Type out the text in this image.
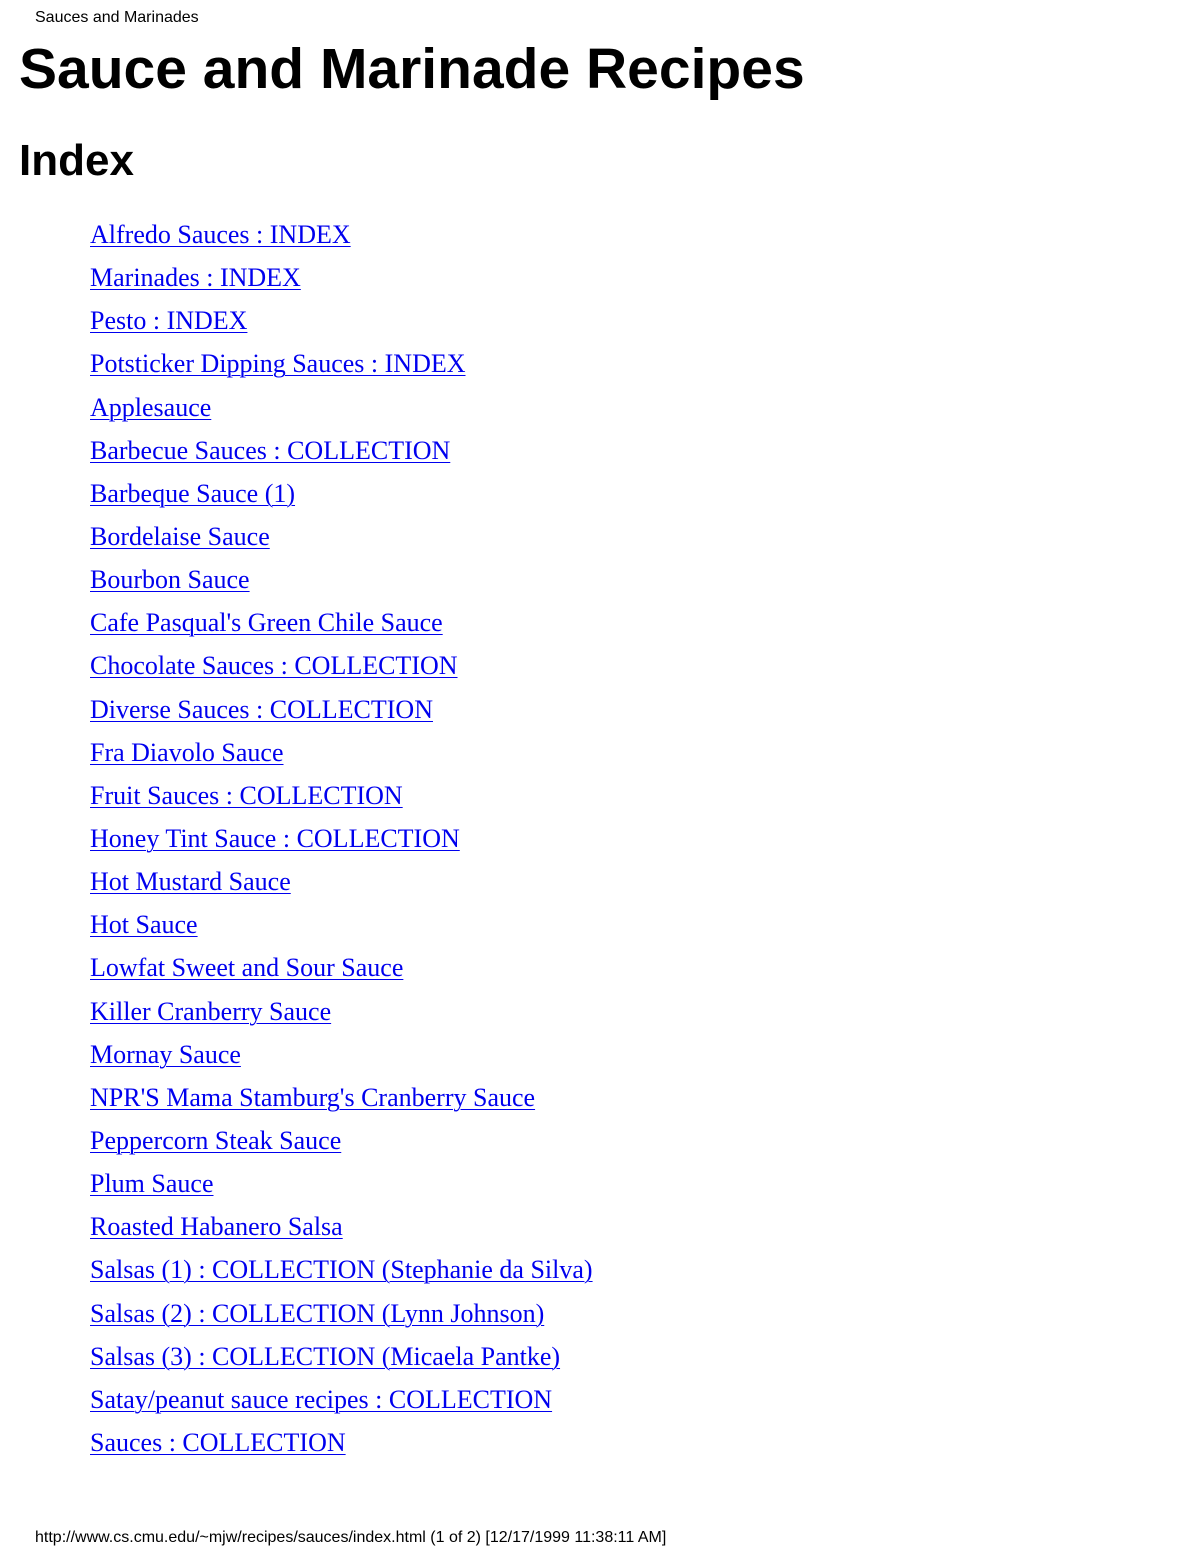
Sauces and Marinades
Sauce and Marinade Recipes
Index
Alfredo Sauces : INDEX
Marinades : INDEX
Pesto : INDEX
Potsticker Dipping Sauces : INDEX
Applesauce
Barbecue Sauces : COLLECTION
Barbeque Sauce (1)
Bordelaise Sauce
Bourbon Sauce
Cafe Pasqual's Green Chile Sauce
Chocolate Sauces : COLLECTION
Diverse Sauces : COLLECTION
Fra Diavolo Sauce
Fruit Sauces : COLLECTION
Honey Tint Sauce : COLLECTION
Hot Mustard Sauce
Hot Sauce
Lowfat Sweet and Sour Sauce
Killer Cranberry Sauce
Mornay Sauce
NPR'S Mama Stamburg's Cranberry Sauce
Peppercorn Steak Sauce
Plum Sauce
Roasted Habanero Salsa
Salsas (1) : COLLECTION (Stephanie da Silva)
Salsas (2) : COLLECTION (Lynn Johnson)
Salsas (3) : COLLECTION (Micaela Pantke)
Satay/peanut sauce recipes : COLLECTION
Sauces : COLLECTION
http://www.cs.cmu.edu/~mjw/recipes/sauces/index.html (1 of 2) [12/17/1999 11:38:11 AM]
